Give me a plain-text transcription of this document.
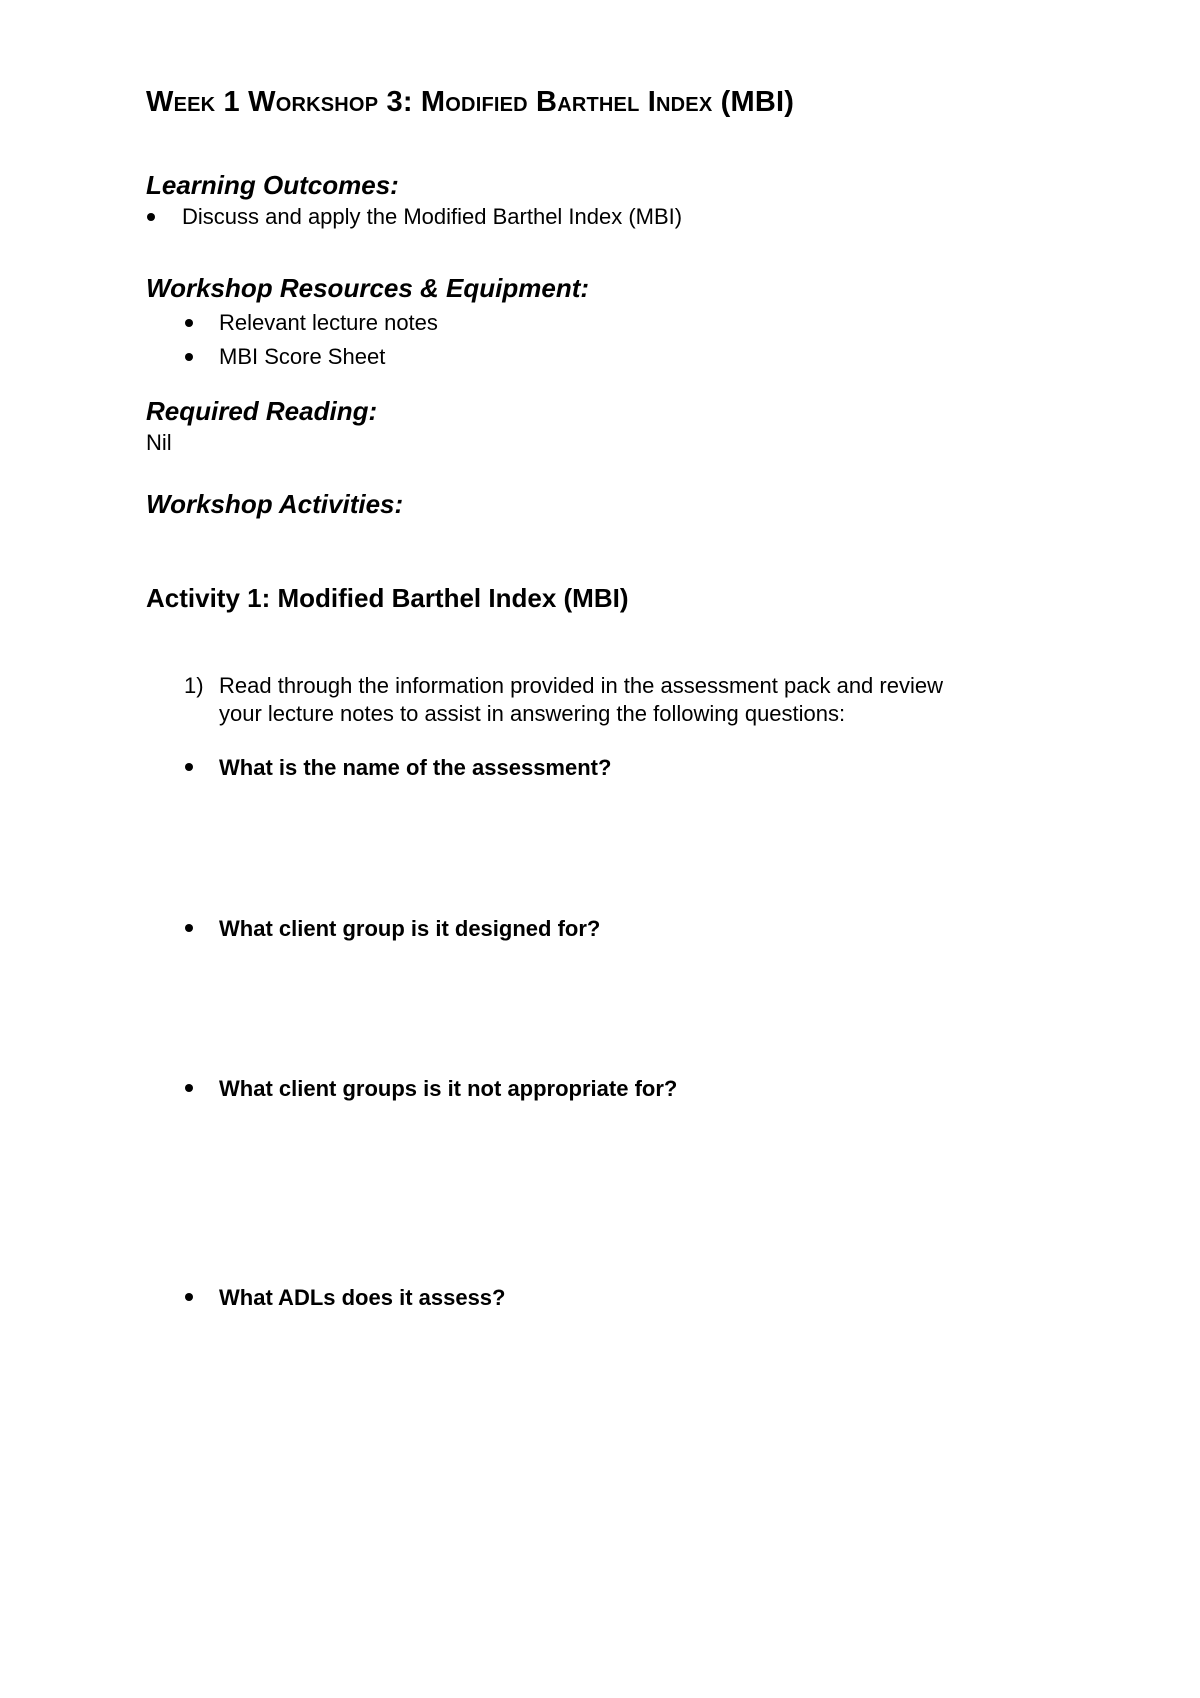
Week 1 Workshop 3: Modified Barthel Index (MBI)
Learning Outcomes:
Discuss and apply the Modified Barthel Index (MBI)
Workshop Resources & Equipment:
Relevant lecture notes
MBI Score Sheet
Required Reading:
Nil
Workshop Activities:
Activity 1: Modified Barthel Index (MBI)
1) Read through the information provided in the assessment pack and review
your lecture notes to assist in answering the following questions:
What is the name of the assessment?
What client group is it designed for?
What client groups is it not appropriate for?
What ADLs does it assess?
